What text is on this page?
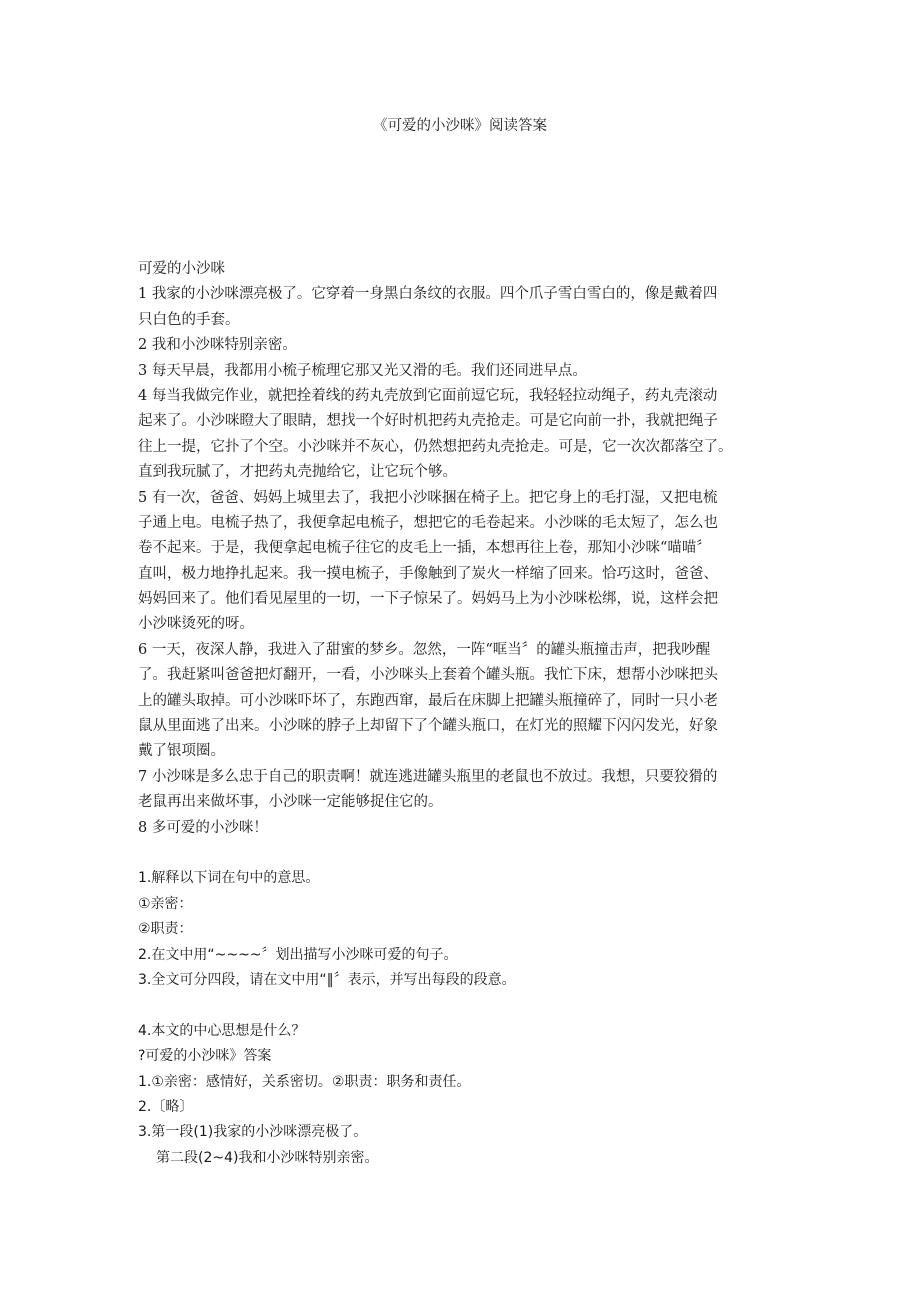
《可爱的小沙咪》阅读答案
可爱的小沙咪
1 我家的小沙咪漂亮极了。它穿着一身黑白条纹的衣服。四个爪子雪白雪白的，像是戴着四
只白色的手套。
2 我和小沙咪特别亲密。
3 每天早晨，我都用小梳子梳理它那又光又滑的毛。我们还同进早点。
4 每当我做完作业，就把拴着线的药丸壳放到它面前逗它玩，我轻轻拉动绳子，药丸壳滚动
起来了。小沙咪瞪大了眼睛，想找一个好时机把药丸壳抢走。可是它向前一扑，我就把绳子
往上一提，它扑了个空。小沙咪并不灰心，仍然想把药丸壳抢走。可是，它一次次都落空了。
直到我玩腻了，才把药丸壳抛给它，让它玩个够。
5 有一次，爸爸、妈妈上城里去了，我把小沙咪捆在椅子上。把它身上的毛打湿，又把电梳
子通上电。电梳子热了，我便拿起电梳子，想把它的毛卷起来。小沙咪的毛太短了，怎么也
卷不起来。于是，我便拿起电梳子往它的皮毛上一插，本想再往上卷，那知小沙咪“喵喵〞
直叫，极力地挣扎起来。我一摸电梳子，手像触到了炭火一样缩了回来。恰巧这时，爸爸、
妈妈回来了。他们看见屋里的一切，一下子惊呆了。妈妈马上为小沙咪松绑，说，这样会把
小沙咪烫死的呀。
6 一天，夜深人静，我进入了甜蜜的梦乡。忽然，一阵“哐当〞的罐头瓶撞击声，把我吵醒
了。我赶紧叫爸爸把灯翻开，一看，小沙咪头上套着个罐头瓶。我忙下床，想帮小沙咪把头
上的罐头取掉。可小沙咪吓坏了，东跑西窜，最后在床脚上把罐头瓶撞碎了，同时一只小老
鼠从里面逃了出来。小沙咪的脖子上却留下了个罐头瓶口，在灯光的照耀下闪闪发光，好象
戴了银项圈。
7 小沙咪是多么忠于自己的职责啊！就连逃进罐头瓶里的老鼠也不放过。我想，只要狡猾的
老鼠再出来做坏事，小沙咪一定能够捉住它的。
8 多可爱的小沙咪！
1.解释以下词在句中的意思。
①亲密：
②职责：
2.在文中用“~~~~〞划出描写小沙咪可爱的句子。
3.全文可分四段，请在文中用“‖〞表示，并写出每段的段意。
4.本文的中心思想是什么？
?可爱的小沙咪》答案
1.①亲密：感情好，关系密切。②职责：职务和责任。
2.〔略〕
3.第一段(1)我家的小沙咪漂亮极了。
第二段(2~4)我和小沙咪特别亲密。
